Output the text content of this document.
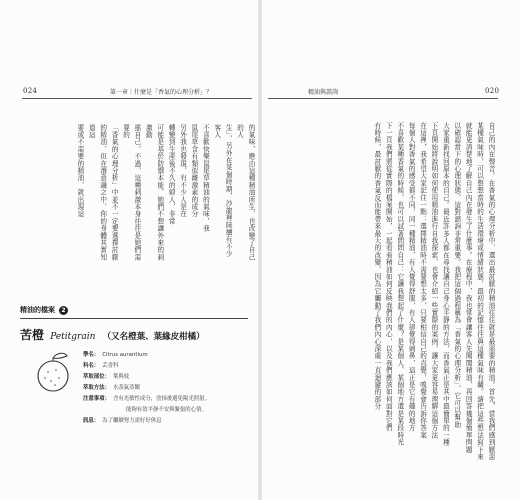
024	第一章｜什麼是「香氣的心理分析」？	精油與諮詢	020

的氣味，應由這種精油所生，也改變了自己的人

生」，另外在某個時期，沙龍裡陸續有不少客人

不喜歡快樂鼠尾草精油的氣味，我

鼠尾草含有類似雌激素的成分

另外我也發現，有不少人是在

轉變到生產後不久的婦人，非常

可能是基於防禦本能，她們不想讓外來的刺激動

搖自己，不過，這種刺激本身往往是她們需要的

「香氣的心理分析」中並不一定要選擇討厭

的精油，但在潛意識之中，你的身體其實知道這

要或不需要的精油，就出現這	自己的內在聲音。在香氣的心理分析中，選出最討厭的精油往往就是最需要的精油。首先，當我們感到厭惡

某種氣味時，可以想想當時的生活環境或情緒狀態，最初的記憶往往與這種氣味有關。請把這些想法寫下來

就能更清楚地了解自己內在發生了什麼事。在療程中，我也常會讓客人先聞聞精油，再回答幾個簡單問題

以確認當下的心理狀態，這對諮詢非常重要。我把這個過程稱為「香氣的心理分析」，它可以幫助

大家重新找回原本的自己。最近許多人都在尋找讓自己身心平靜的方法，而香氣正是其中最簡單的一種

下頁開始將說明如何使用精油進行自我探索，也會介紹一些實際的案例，讓大家更容易理解這個方法

在這裡，我希望大家記住一點：選擇精油時不需要想太多，只要相信自己的直覺，嗅覺會告訴你答案

每個人對香氣的感受都不同，同一種精油，有人覺得舒服，有人卻覺得刺鼻，這正是它有趣的地方

不喜歡某種香氣的時候，也可以試著問問自己：它讓我想起了什麼？是某個人、某個地方還是某段時光

下一頁我們將從實際的檔案開始，一起看看精油如何反映我們的內心，以及我們應該如何面對它們

有時候，最討厭的香氣反而能帶來最大的改變，因為它觸動了我們內心深處一直迴避的部分

精油的檔案	2
苦橙 Petitgrain （又名橙葉、葉緣皮柑橘）
學名： Citrus aurantium
科名： 芸香科
萃取部位： 葉與枝
萃取方法： 水蒸氣蒸餾
注意事項： 含有光敏性成分，塗抹後避免陽光照射。
能夠有效平靜不安與緊張的心情。
訊息： 為了繼續努力需好好休息
